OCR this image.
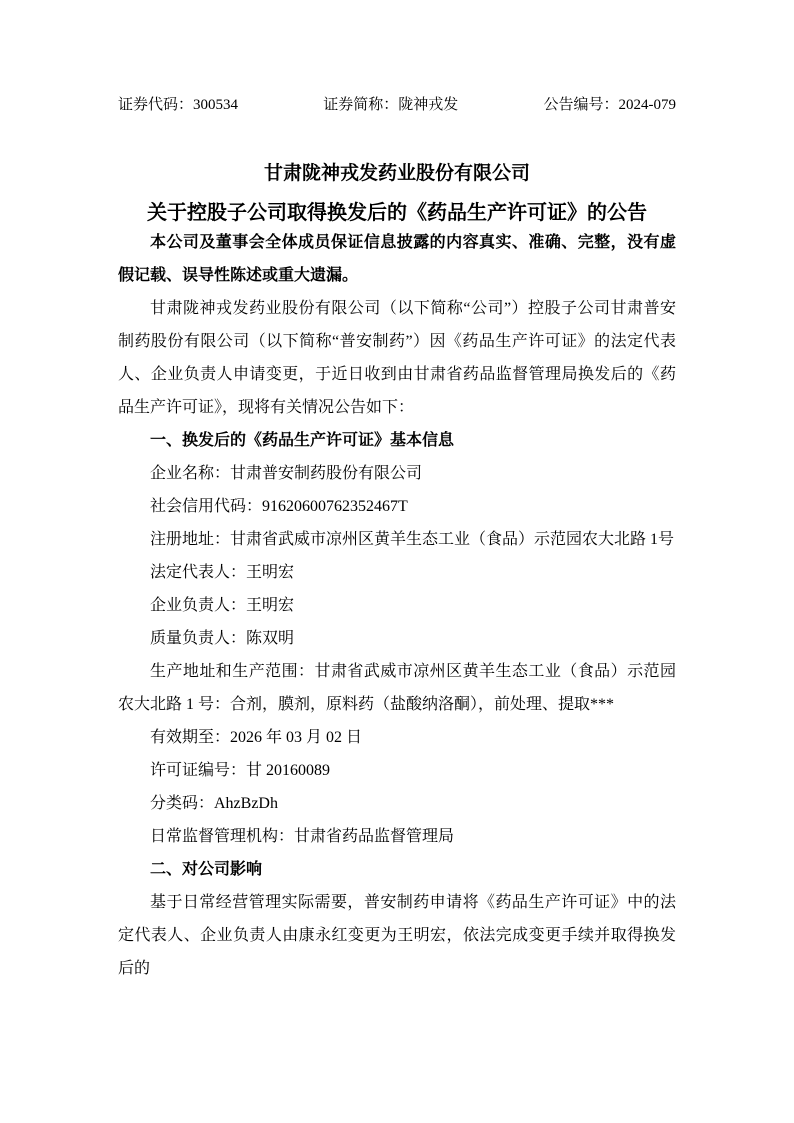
证券代码：300534	证券简称：陇神戎发	公告编号：2024-079
甘肃陇神戎发药业股份有限公司
关于控股子公司取得换发后的《药品生产许可证》的公告

本公司及董事会全体成员保证信息披露的内容真实、准确、完整，没有虚假记载、误导性陈述或重大遗漏。

甘肃陇神戎发药业股份有限公司（以下简称“公司”）控股子公司甘肃普安制药股份有限公司（以下简称“普安制药”）因《药品生产许可证》的法定代表人、企业负责人申请变更，于近日收到由甘肃省药品监督管理局换发后的《药品生产许可证》，现将有关情况公告如下：

一、换发后的《药品生产许可证》基本信息

企业名称：甘肃普安制药股份有限公司

社会信用代码：91620600762352467T

注册地址：甘肃省武威市凉州区黄羊生态工业（食品）示范园农大北路 1号

法定代表人：王明宏

企业负责人：王明宏

质量负责人：陈双明

生产地址和生产范围：甘肃省武威市凉州区黄羊生态工业（食品）示范园农大北路 1 号：合剂，膜剂，原料药（盐酸纳洛酮），前处理、提取***

有效期至：2026 年 03 月 02 日

许可证编号：甘 20160089

分类码：AhzBzDh

日常监督管理机构：甘肃省药品监督管理局

二、对公司影响

基于日常经营管理实际需要，普安制药申请将《药品生产许可证》中的法定代表人、企业负责人由康永红变更为王明宏，依法完成变更手续并取得换发后的
